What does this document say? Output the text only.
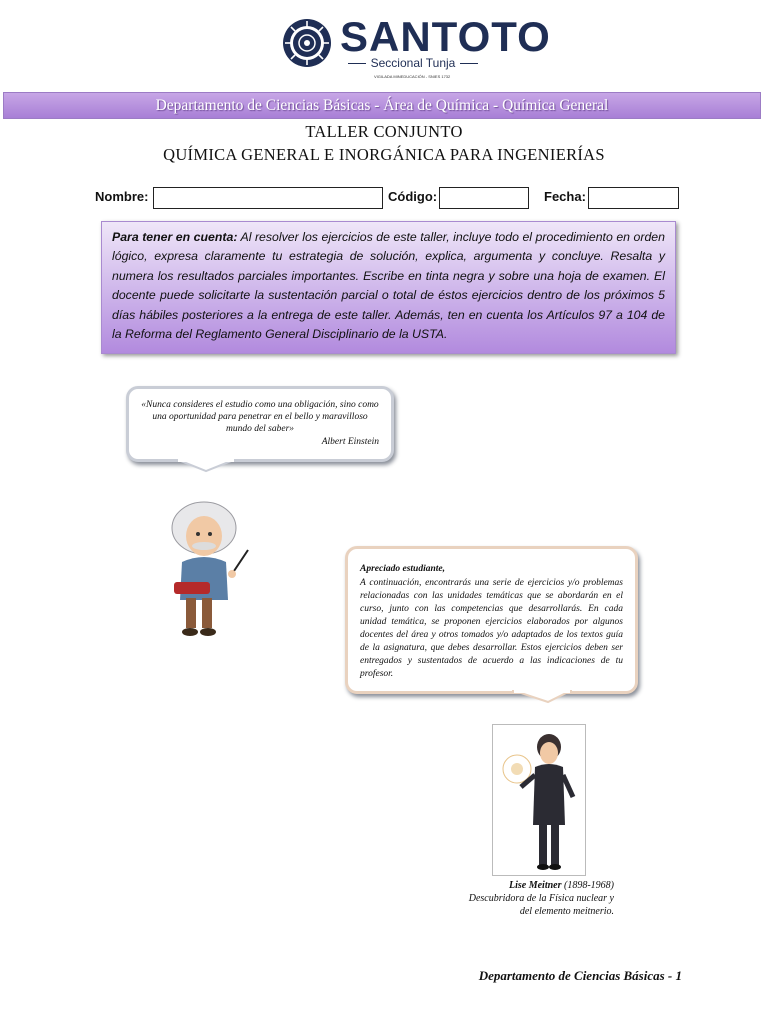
SANTOTO
Seccional Tunja
VIGILADA MINEDUCACIÓN - SNIES 1732
Departamento de Ciencias Básicas - Área de Química - Química General
TALLER CONJUNTO
QUÍMICA GENERAL E INORGÁNICA PARA INGENIERÍAS
Nombre:	Código:	Fecha:
Para tener en cuenta: Al resolver los ejercicios de este taller, incluye todo el procedimiento en orden lógico, expresa claramente tu estrategia de solución, explica, argumenta y concluye. Resalta y numera los resultados parciales importantes. Escribe en tinta negra y sobre una hoja de examen. El docente puede solicitarte la sustentación parcial o total de éstos ejercicios dentro de los próximos 5 días hábiles posteriores a la entrega de este taller. Además, ten en cuenta los Artículos 97 a 104 de la Reforma del Reglamento General Disciplinario de la USTA.
«Nunca consideres el estudio como una obligación, sino como una oportunidad para penetrar en el bello y maravilloso mundo del saber»
Albert Einstein
Apreciado estudiante,
A continuación, encontrarás una serie de ejercicios y/o problemas relacionadas con las unidades temáticas que se abordarán en el curso, junto con las competencias que desarrollarás. En cada unidad temática, se proponen ejercicios elaborados por algunos docentes del área y otros tomados y/o adaptados de los textos guía de la asignatura, que debes desarrollar. Estos ejercicios deben ser entregados y sustentados de acuerdo a las indicaciones de tu profesor.
Lise Meitner (1898-1968)
Descubridora de la Física nuclear y
del elemento meitnerio.
Departamento de Ciencias Básicas - 1
